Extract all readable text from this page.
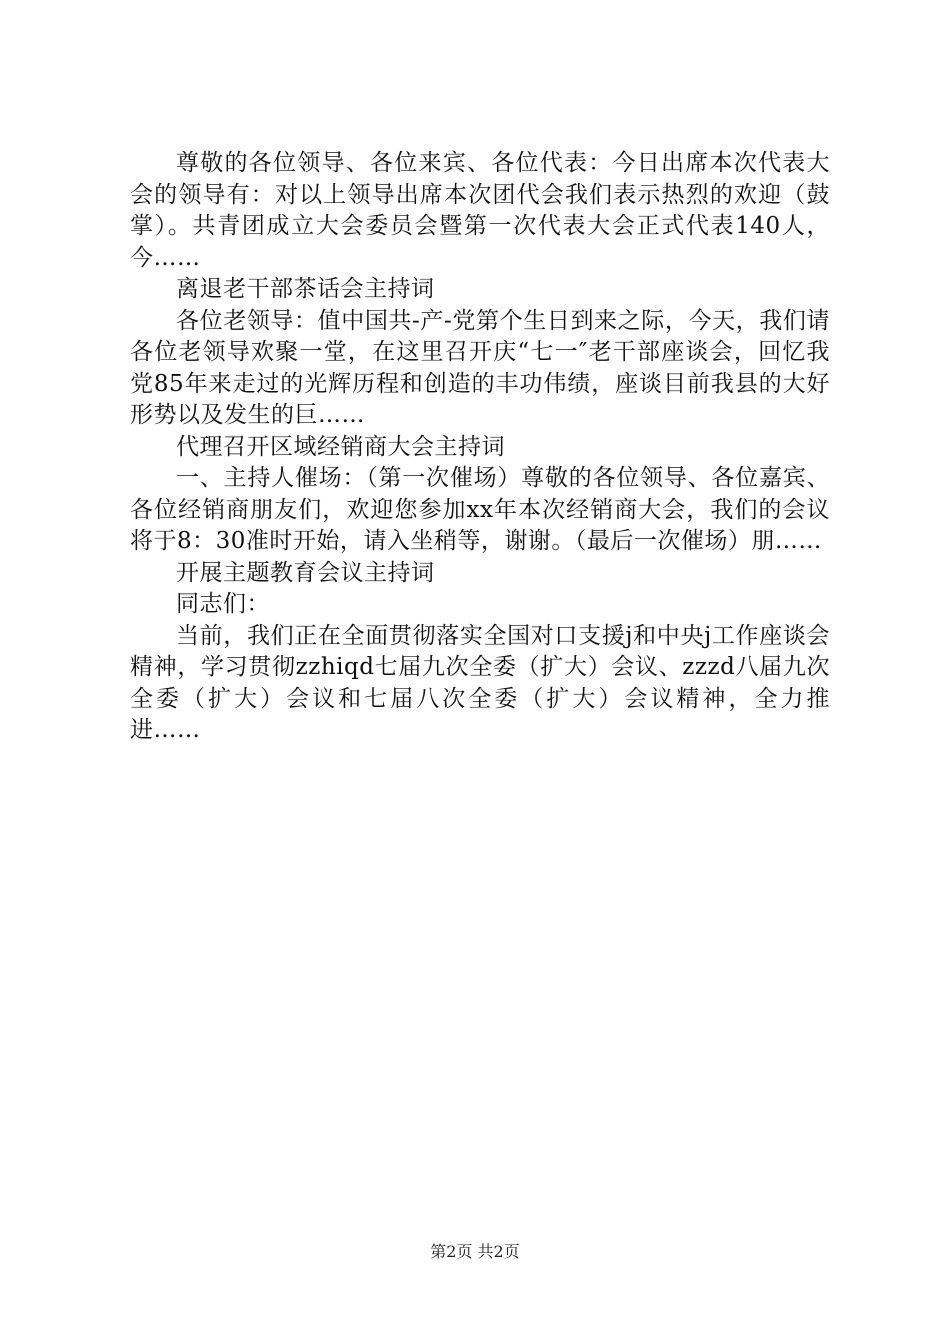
尊敬的各位领导、各位来宾、各位代表：今日出席本次代表大会的领导有：对以上领导出席本次团代会我们表示热烈的欢迎（鼓掌）。共青团成立大会委员会暨第一次代表大会正式代表140人，今……

离退老干部茶话会主持词

各位老领导：值中国共-产-党第个生日到来之际，今天，我们请各位老领导欢聚一堂，在这里召开庆“七一″老干部座谈会，回忆我党85年来走过的光辉历程和创造的丰功伟绩，座谈目前我县的大好形势以及发生的巨……

代理召开区域经销商大会主持词

一、主持人催场：（第一次催场）尊敬的各位领导、各位嘉宾、各位经销商朋友们，欢迎您参加xx年本次经销商大会，我们的会议将于8：30准时开始，请入坐稍等，谢谢。（最后一次催场）朋……

开展主题教育会议主持词

同志们：

当前，我们正在全面贯彻落实全国对口支援j和中央j工作座谈会精神，学习贯彻zzhiqd七届九次全委（扩大）会议、zzzd八届九次全委（扩大）会议和七届八次全委（扩大）会议精神，全力推进……

第2页 共2页
